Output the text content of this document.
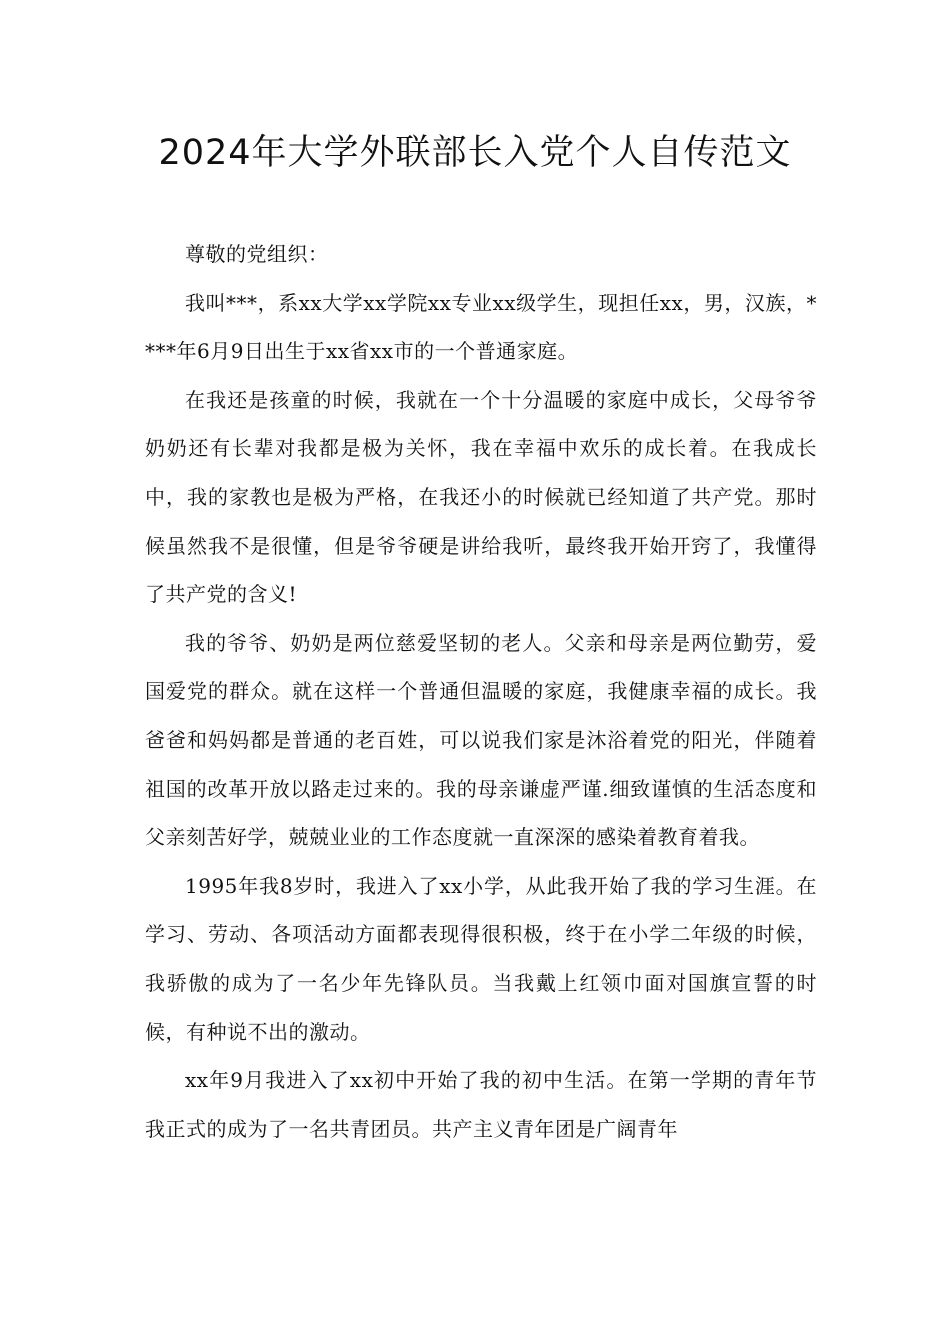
2024年大学外联部长入党个人自传范文

尊敬的党组织：

我叫***，系xx大学xx学院xx专业xx级学生，现担任xx，男，汉族，****年6月9日出生于xx省xx市的一个普通家庭。

在我还是孩童的时候，我就在一个十分温暖的家庭中成长，父母爷爷奶奶还有长辈对我都是极为关怀，我在幸福中欢乐的成长着。在我成长中，我的家教也是极为严格，在我还小的时候就已经知道了共产党。那时候虽然我不是很懂，但是爷爷硬是讲给我听，最终我开始开窍了，我懂得了共产党的含义!

我的爷爷、奶奶是两位慈爱坚韧的老人。父亲和母亲是两位勤劳，爱国爱党的群众。就在这样一个普通但温暖的家庭，我健康幸福的成长。我爸爸和妈妈都是普通的老百姓，可以说我们家是沐浴着党的阳光，伴随着祖国的改革开放以路走过来的。我的母亲谦虚严谨.细致谨慎的生活态度和父亲刻苦好学，兢兢业业的工作态度就一直深深的感染着教育着我。

1995年我8岁时，我进入了xx小学，从此我开始了我的学习生涯。在学习、劳动、各项活动方面都表现得很积极，终于在小学二年级的时候，我骄傲的成为了一名少年先锋队员。当我戴上红领巾面对国旗宣誓的时候，有种说不出的激动。

xx年9月我进入了xx初中开始了我的初中生活。在第一学期的青年节我正式的成为了一名共青团员。共产主义青年团是广阔青年
